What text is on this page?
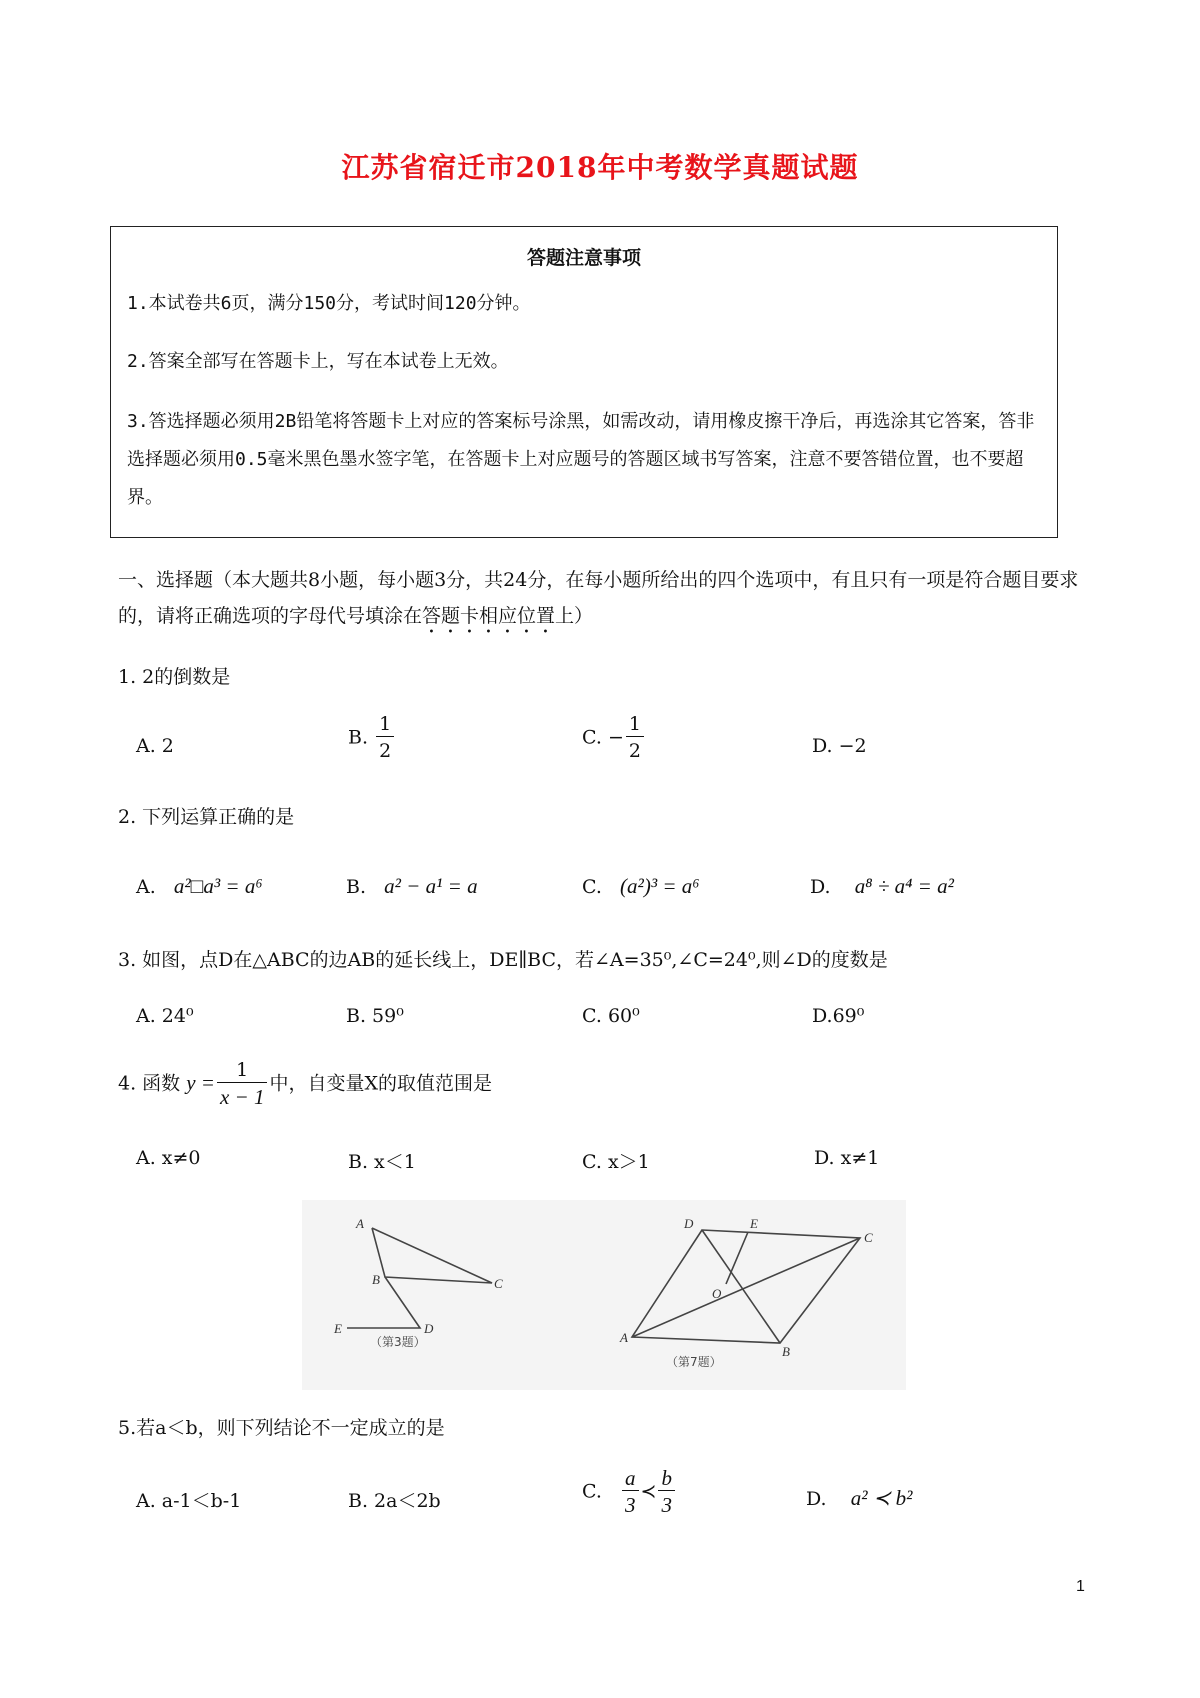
江苏省宿迁市2018年中考数学真题试题
答题注意事项
1.本试卷共6页，满分150分，考试时间120分钟。
2.答案全部写在答题卡上，写在本试卷上无效。
3.答选择题必须用2B铅笔将答题卡上对应的答案标号涂黑，如需改动，请用橡皮擦干净后，再选涂其它答案，答非选择题必须用0.5毫米黑色墨水签字笔，在答题卡上对应题号的答题区域书写答案，注意不要答错位置，也不要超界。
一、选择题（本大题共8小题，每小题3分，共24分，在每小题所给出的四个选项中，有且只有一项是符合题目要求的，请将正确选项的字母代号填涂在答题卡相应位置上）
1. 2的倒数是
A. 2	B. $\frac{1}{2}$	C. − $\frac{1}{2}$	D. −2
2. 下列运算正确的是
A. a²□a³ = a⁶	B. a² − a¹ = a	C. (a²)³ = a⁶	D. a⁸ ÷ a⁴ = a²
3. 如图，点D在△ABC的边AB的延长线上，DE∥BC，若∠A=35⁰,∠C=24⁰,则∠D的度数是
A. 24⁰	B. 59⁰	C. 60⁰	D.69⁰
4. 函数 $y = \frac{1}{x - 1}$ 中，自变量X的取值范围是
A. x≠0	B. x＜1	C. x＞1	D. x≠1
A
B	C
D
E
（第3题）
D	E
C
O
A
B
（第7题）
5.若a＜b，则下列结论不一定成立的是
A. a-1＜b-1	B. 2a＜2b	C. $\frac{a}{3}$ ≺ $\frac{b}{3}$	D. a² ≺ b²
1
